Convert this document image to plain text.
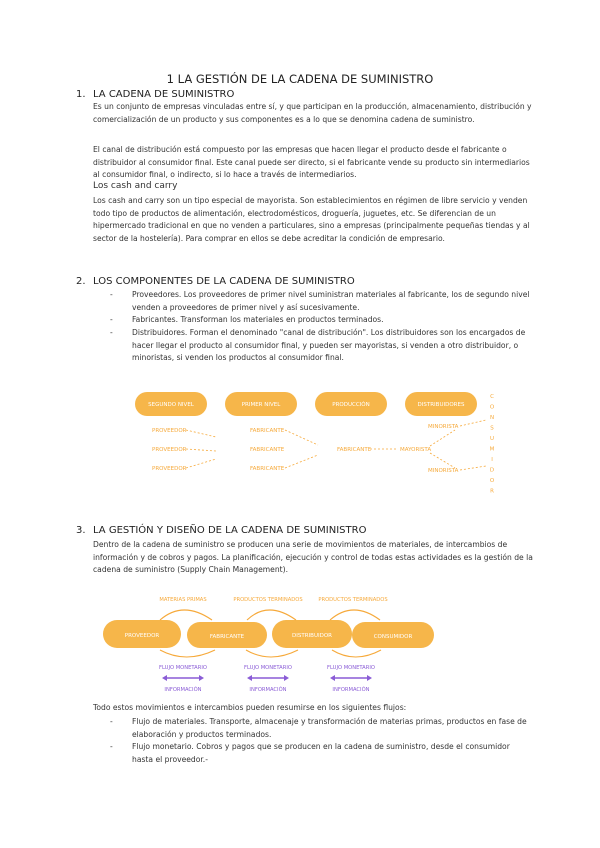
1 LA GESTIÓN DE LA CADENA DE SUMINISTRO
1. LA CADENA DE SUMINISTRO
Es un conjunto de empresas vinculadas entre sí, y que participan en la producción, almacenamiento, distribución y comercialización de un producto y sus componentes es a lo que se denomina cadena de suministro.
El canal de distribución está compuesto por las empresas que hacen llegar el producto desde el fabricante o distribuidor al consumidor final. Este canal puede ser directo, si el fabricante vende su producto sin intermediarios al consumidor final, o indirecto, si lo hace a través de intermediarios.
Los cash and carry
Los cash and carry son un tipo especial de mayorista. Son establecimientos en régimen de libre servicio y venden todo tipo de productos de alimentación, electrodomésticos, droguería, juguetes, etc. Se diferencian de un hipermercado tradicional en que no venden a particulares, sino a empresas (principalmente pequeñas tiendas y al sector de la hostelería). Para comprar en ellos se debe acreditar la condición de empresario.
2. LOS COMPONENTES DE LA CADENA DE SUMINISTRO
-	Proveedores. Los proveedores de primer nivel suministran materiales al fabricante, los de segundo nivel venden a proveedores de primer nivel y así sucesivamente.
-	Fabricantes. Transforman los materiales en productos terminados.
-	Distribuidores. Forman el denominado "canal de distribución". Los distribuidores son los encargados de hacer llegar el producto al consumidor final, y pueden ser mayoristas, si venden a otro distribuidor, o minoristas, si venden los productos al consumidor final.
SEGUNDO NIVEL	PRIMER NIVEL	PRODUCCIÓN	DISTRIBUIDORES
PROVEEDOR
PROVEEDOR
PROVEEDOR
FABRICANTE
FABRICANTE
FABRICANTE
FABRICANTE	MAYORISTA
MINORISTA
MINORISTA
C O N S U M I D O R
3. LA GESTIÓN Y DISEÑO DE LA CADENA DE SUMINISTRO
Dentro de la cadena de suministro se producen una serie de movimientos de materiales, de intercambios de información y de cobros y pagos. La planificación, ejecución y control de todas estas actividades es la gestión de la cadena de suministro (Supply Chain Management).
PROVEEDOR	FABRICANTE	DISTRIBUIDOR	CONSUMIDOR
MATERIAS PRIMAS	PRODUCTOS TERMINADOS	PRODUCTOS TERMINADOS
FLUJO MONETARIO	FLUJO MONETARIO	FLUJO MONETARIO
INFORMACIÓN	INFORMACIÓN	INFORMACIÓN
Todo estos movimientos e intercambios pueden resumirse en los siguientes flujos:
-	Flujo de materiales. Transporte, almacenaje y transformación de materias primas, productos en fase de elaboración y productos terminados.
-	Flujo monetario. Cobros y pagos que se producen en la cadena de suministro, desde el consumidor hasta el proveedor.-
